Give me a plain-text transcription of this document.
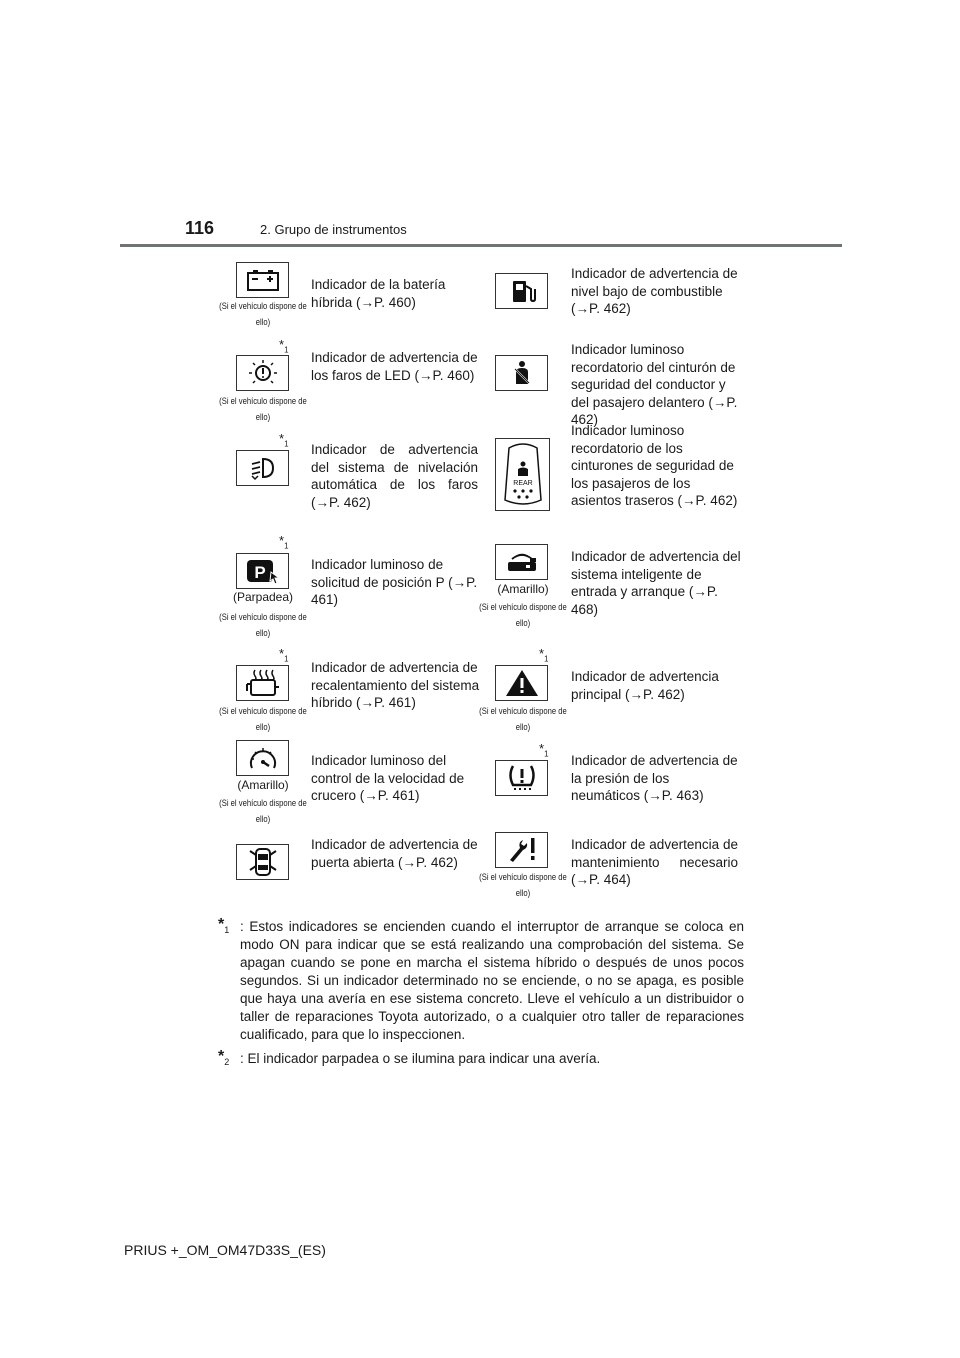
116	2. Grupo de instrumentos
(Si el vehículo dispone de ello)
Indicador de la batería híbrida (→P. 460)
Indicador de advertencia de nivel bajo de combustible (→P. 462)
$*_1$
(Si el vehículo dispone de ello)
Indicador de advertencia de los faros de LED (→P. 460)
Indicador luminoso recordatorio del cinturón de seguridad del conductor y del pasajero delantero (→P. 462)
$*_1$ Indicador de advertencia del sistema de nivelación automática de los faros (→P. 462)
REAR
Indicador luminoso recordatorio de los cinturones de seguridad de los pasajeros de los asientos traseros (→P. 462)
$*_1$
P
(Parpadea)
(Si el vehículo dispone de ello)
Indicador luminoso de solicitud de posición P (→P. 461)
(Amarillo)
(Si el vehículo dispone de ello)
Indicador de advertencia del sistema inteligente de entrada y arranque (→P. 468)
$*_1$
(Si el vehículo dispone de ello)
Indicador de advertencia de recalentamiento del sistema híbrido (→P. 461)
$*_1$
(Si el vehículo dispone de ello)
Indicador de advertencia principal (→P. 462)
(Amarillo)
(Si el vehículo dispone de ello)
Indicador luminoso del control de la velocidad de crucero (→P. 461)
$*_1$ Indicador de advertencia de la presión de los neumáticos (→P. 463)
Indicador de advertencia de puerta abierta (→P. 462)
(Si el vehículo dispone de ello)
Indicador de advertencia de mantenimiento necesario (→P. 464)
$*_1$ : Estos indicadores se encienden cuando el interruptor de arranque se coloca en modo ON para indicar que se está realizando una comprobación del sistema. Se apagan cuando se pone en marcha el sistema híbrido o después de unos pocos segundos. Si un indicador determinado no se enciende, o no se apaga, es posible que haya una avería en ese sistema concreto. Lleve el vehículo a un distribuidor o taller de reparaciones Toyota autorizado, o a cualquier otro taller de reparaciones cualificado, para que lo inspeccionen.
$*_2$ : El indicador parpadea o se ilumina para indicar una avería.
PRIUS +_OM_OM47D33S_(ES)
